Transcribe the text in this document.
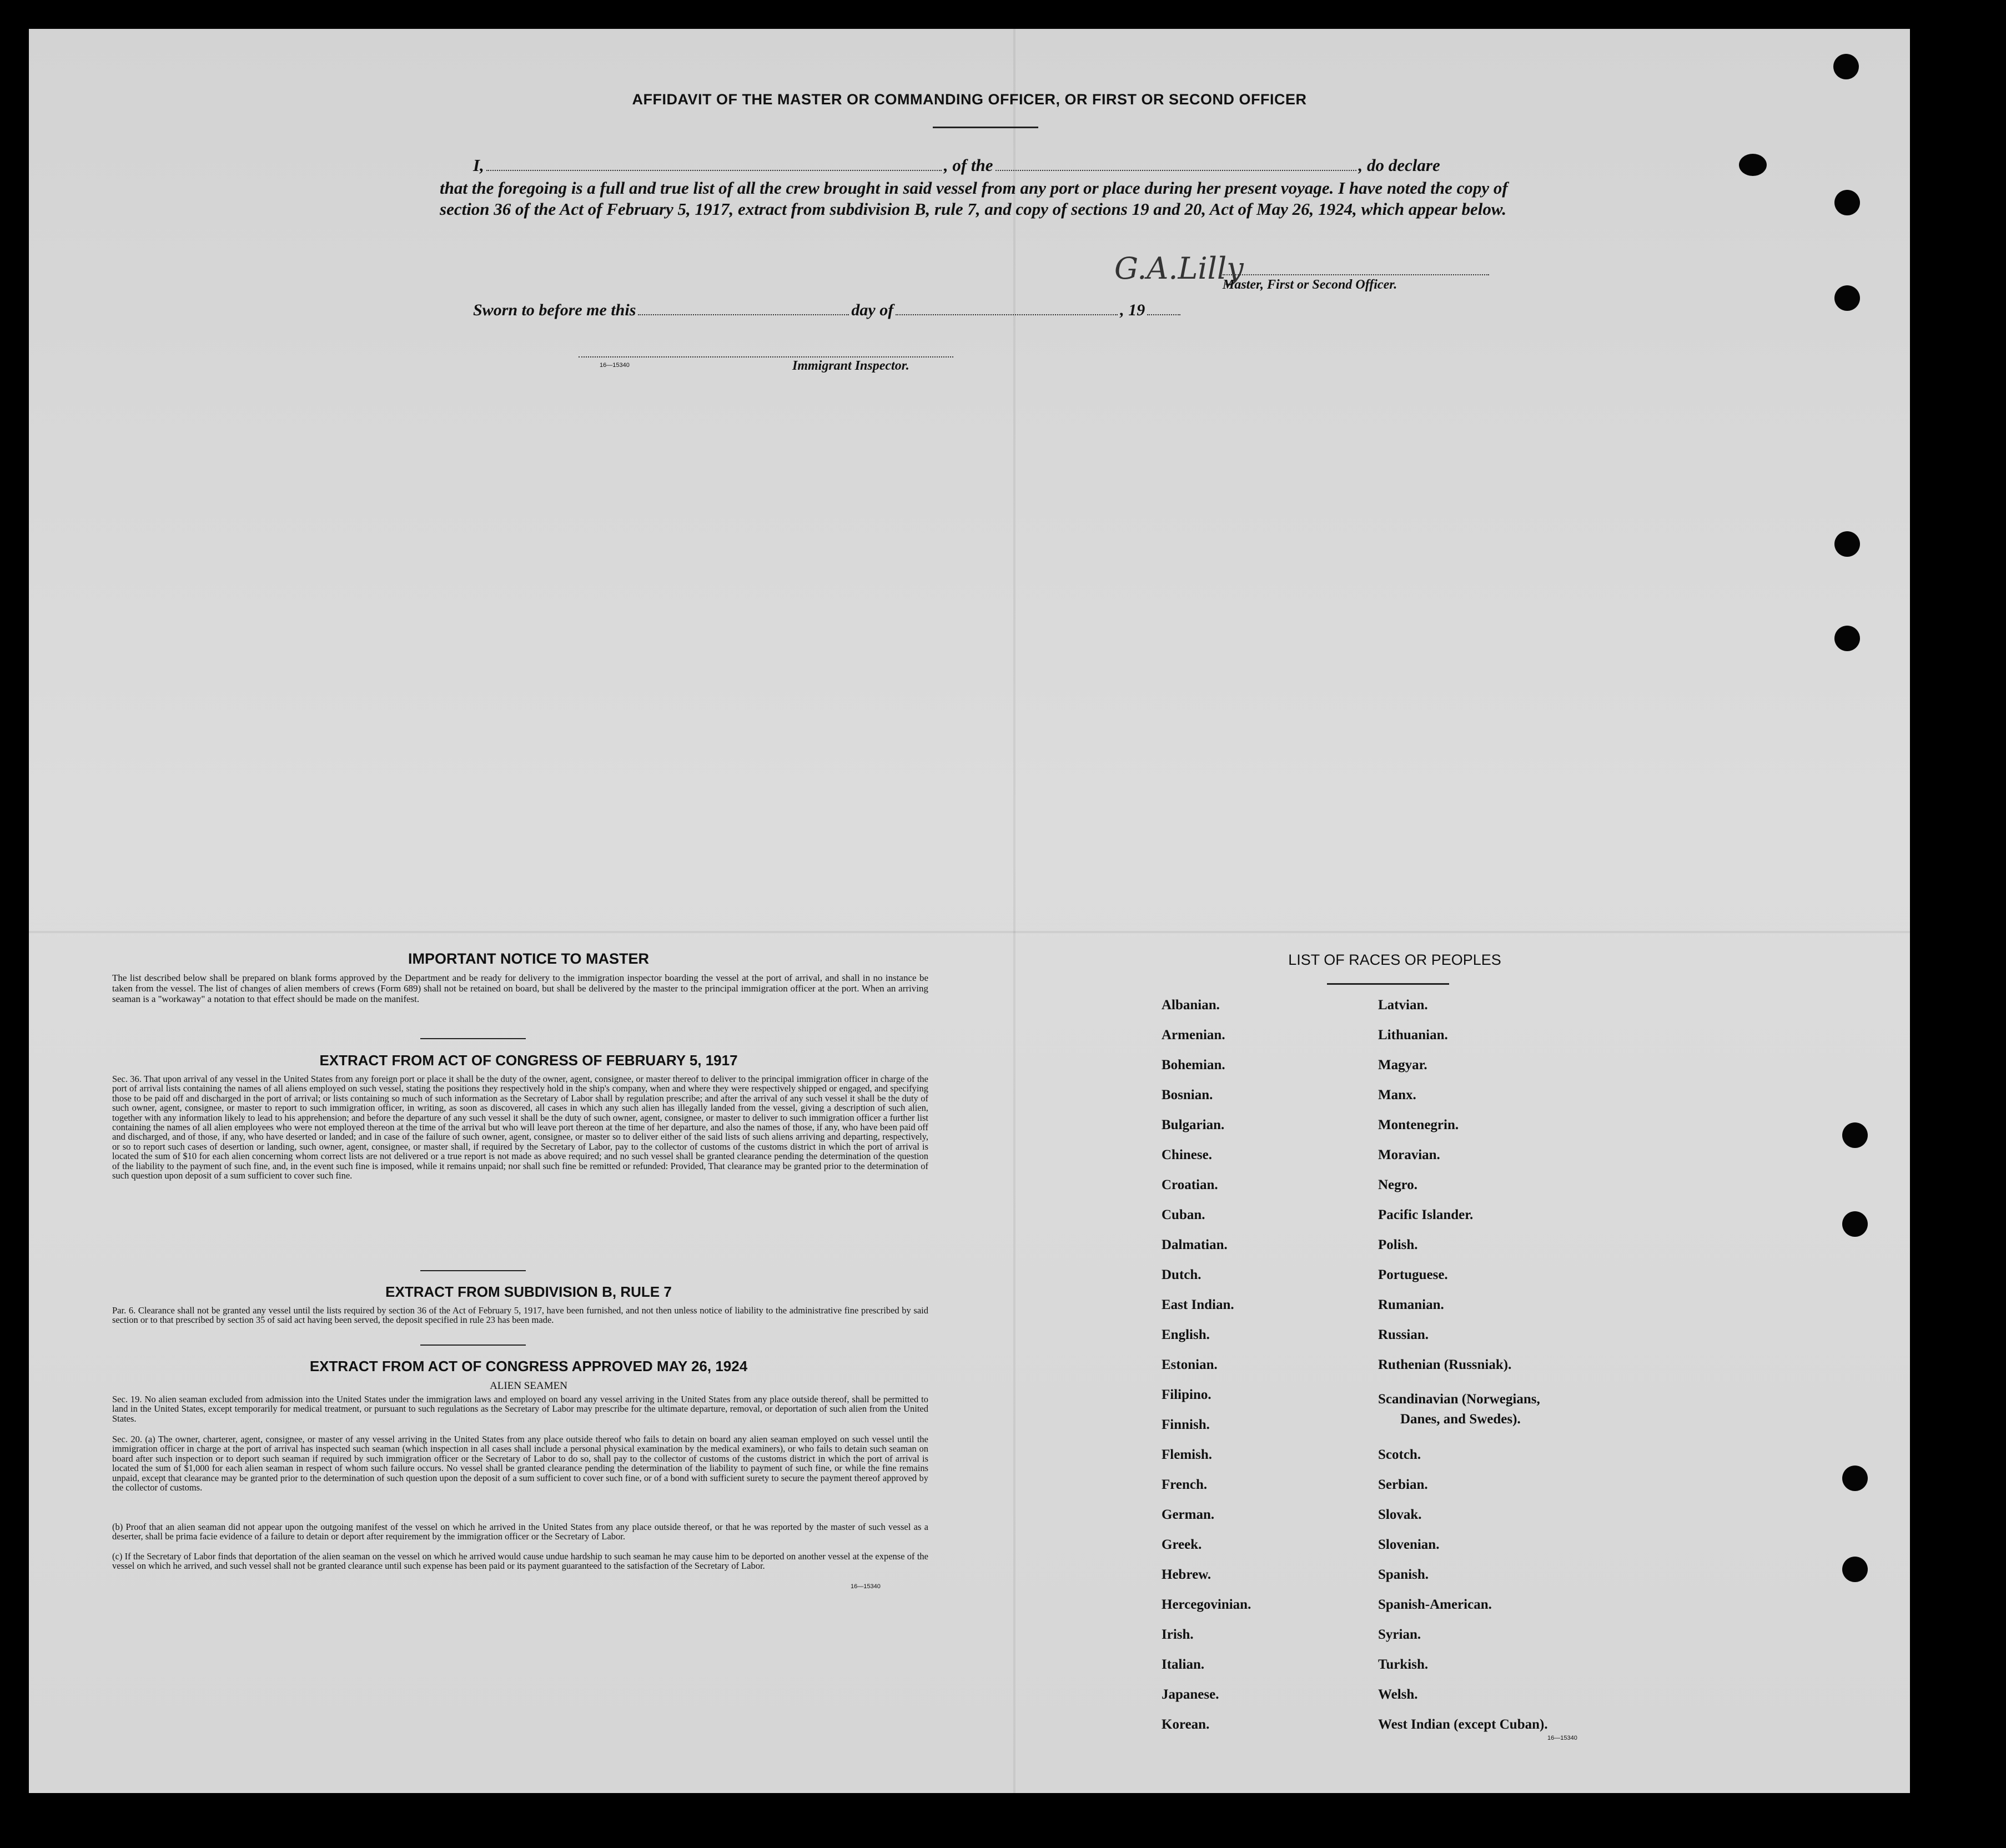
AFFIDAVIT OF THE MASTER OR COMMANDING OFFICER, OR FIRST OR SECOND OFFICER
I,	, of the	, do declare
that the foregoing is a full and true list of all the crew brought in said vessel from any port or place during her present voyage. I have noted the copy of section 36 of the Act of February 5, 1917, extract from subdivision B, rule 7, and copy of sections 19 and 20, Act of May 26, 1924, which appear below.
G.A.Lilly
Master, First or Second Officer.
Sworn to before me this	day of	, 19
16—15340	Immigrant Inspector.
IMPORTANT NOTICE TO MASTER
The list described below shall be prepared on blank forms approved by the Department and be ready for delivery to the immigration inspector boarding the vessel at the port of arrival, and shall in no instance be taken from the vessel. The list of changes of alien members of crews (Form 689) shall not be retained on board, but shall be delivered by the master to the principal immigration officer at the port. When an arriving seaman is a "workaway" a notation to that effect should be made on the manifest.
EXTRACT FROM ACT OF CONGRESS OF FEBRUARY 5, 1917
Sec. 36. That upon arrival of any vessel in the United States from any foreign port or place it shall be the duty of the owner, agent, consignee, or master thereof to deliver to the principal immigration officer in charge of the port of arrival lists containing the names of all aliens employed on such vessel, stating the positions they respectively hold in the ship's company, when and where they were respectively shipped or engaged, and specifying those to be paid off and discharged in the port of arrival; or lists containing so much of such information as the Secretary of Labor shall by regulation prescribe; and after the arrival of any such vessel it shall be the duty of such owner, agent, consignee, or master to report to such immigration officer, in writing, as soon as discovered, all cases in which any such alien has illegally landed from the vessel, giving a description of such alien, together with any information likely to lead to his apprehension; and before the departure of any such vessel it shall be the duty of such owner, agent, consignee, or master to deliver to such immigration officer a further list containing the names of all alien employees who were not employed thereon at the time of the arrival but who will leave port thereon at the time of her departure, and also the names of those, if any, who have been paid off and discharged, and of those, if any, who have deserted or landed; and in case of the failure of such owner, agent, consignee, or master so to deliver either of the said lists of such aliens arriving and departing, respectively, or so to report such cases of desertion or landing, such owner, agent, consignee, or master shall, if required by the Secretary of Labor, pay to the collector of customs of the customs district in which the port of arrival is located the sum of $10 for each alien concerning whom correct lists are not delivered or a true report is not made as above required; and no such vessel shall be granted clearance pending the determination of the question of the liability to the payment of such fine, and, in the event such fine is imposed, while it remains unpaid; nor shall such fine be remitted or refunded: Provided, That clearance may be granted prior to the determination of such question upon deposit of a sum sufficient to cover such fine.
EXTRACT FROM SUBDIVISION B, RULE 7
Par. 6. Clearance shall not be granted any vessel until the lists required by section 36 of the Act of February 5, 1917, have been furnished, and not then unless notice of liability to the administrative fine prescribed by said section or to that prescribed by section 35 of said act having been served, the deposit specified in rule 23 has been made.
EXTRACT FROM ACT OF CONGRESS APPROVED MAY 26, 1924
ALIEN SEAMEN
Sec. 19. No alien seaman excluded from admission into the United States under the immigration laws and employed on board any vessel arriving in the United States from any place outside thereof, shall be permitted to land in the United States, except temporarily for medical treatment, or pursuant to such regulations as the Secretary of Labor may prescribe for the ultimate departure, removal, or deportation of such alien from the United States.
Sec. 20. (a) The owner, charterer, agent, consignee, or master of any vessel arriving in the United States from any place outside thereof who fails to detain on board any alien seaman employed on such vessel until the immigration officer in charge at the port of arrival has inspected such seaman (which inspection in all cases shall include a personal physical examination by the medical examiners), or who fails to detain such seaman on board after such inspection or to deport such seaman if required by such immigration officer or the Secretary of Labor to do so, shall pay to the collector of customs of the customs district in which the port of arrival is located the sum of $1,000 for each alien seaman in respect of whom such failure occurs. No vessel shall be granted clearance pending the determination of the liability to payment of such fine, or while the fine remains unpaid, except that clearance may be granted prior to the determination of such question upon the deposit of a sum sufficient to cover such fine, or of a bond with sufficient surety to secure the payment thereof approved by the collector of customs.
(b) Proof that an alien seaman did not appear upon the outgoing manifest of the vessel on which he arrived in the United States from any place outside thereof, or that he was reported by the master of such vessel as a deserter, shall be prima facie evidence of a failure to detain or deport after requirement by the immigration officer or the Secretary of Labor.
(c) If the Secretary of Labor finds that deportation of the alien seaman on the vessel on which he arrived would cause undue hardship to such seaman he may cause him to be deported on another vessel at the expense of the vessel on which he arrived, and such vessel shall not be granted clearance until such expense has been paid or its payment guaranteed to the satisfaction of the Secretary of Labor.
16—15340
LIST OF RACES OR PEOPLES
Albanian.
Armenian.
Bohemian.
Bosnian.
Bulgarian.
Chinese.
Croatian.
Cuban.
Dalmatian.
Dutch.
East Indian.
English.
Estonian.
Filipino.
Finnish.
Flemish.
French.
German.
Greek.
Hebrew.
Hercegovinian.
Irish.
Italian.
Japanese.
Korean.
Latvian.
Lithuanian.
Magyar.
Manx.
Montenegrin.
Moravian.
Negro.
Pacific Islander.
Polish.
Portuguese.
Rumanian.
Russian.
Ruthenian (Russniak).
Scandinavian (Norwegians,
Danes, and Swedes).
Scotch.
Serbian.
Slovak.
Slovenian.
Spanish.
Spanish-American.
Syrian.
Turkish.
Welsh.
West Indian (except Cuban).
16—15340
